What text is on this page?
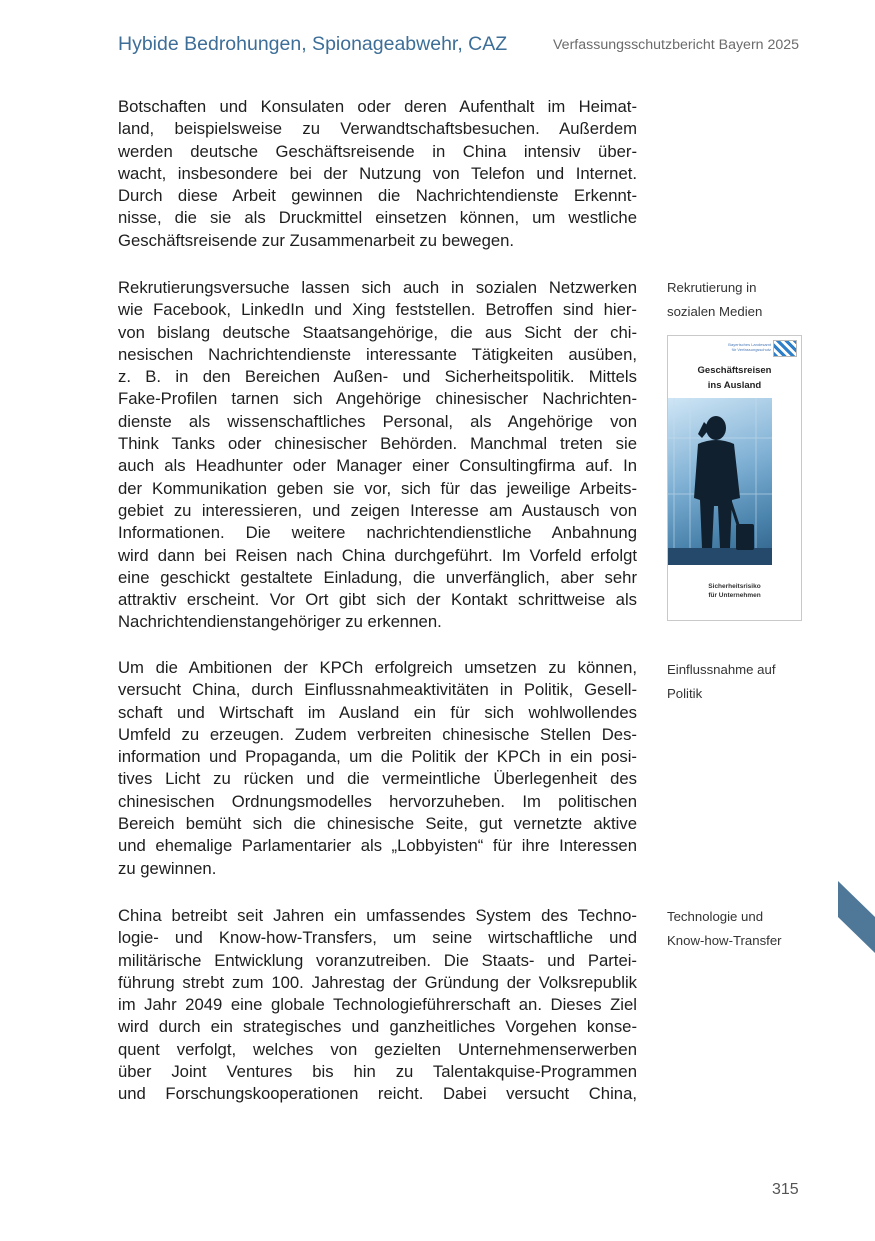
Hybide Bedrohungen, Spionageabwehr, CAZ	Verfassungsschutzbericht Bayern 2025
Botschaften und Konsulaten oder deren Aufenthalt im Heimat-
land, beispielsweise zu Verwandtschaftsbesuchen. Außerdem
werden deutsche Geschäftsreisende in China intensiv über-
wacht, insbesondere bei der Nutzung von Telefon und Internet.
Durch diese Arbeit gewinnen die Nachrichtendienste Erkennt-
nisse, die sie als Druckmittel einsetzen können, um westliche
Geschäftsreisende zur Zusammenarbeit zu bewegen.
Rekrutierungsversuche lassen sich auch in sozialen Netzwerken
wie Facebook, LinkedIn und Xing feststellen. Betroffen sind hier-
von bislang deutsche Staatsangehörige, die aus Sicht der chi-
nesischen Nachrichtendienste interessante Tätigkeiten ausüben,
z. B. in den Bereichen Außen- und Sicherheitspolitik. Mittels
Fake-Profilen tarnen sich Angehörige chinesischer Nachrichten-
dienste als wissenschaftliches Personal, als Angehörige von
Think Tanks oder chinesischer Behörden. Manchmal treten sie
auch als Headhunter oder Manager einer Consultingfirma auf. In
der Kommunikation geben sie vor, sich für das jeweilige Arbeits-
gebiet zu interessieren, und zeigen Interesse am Austausch von
Informationen. Die weitere nachrichtendienstliche Anbahnung
wird dann bei Reisen nach China durchgeführt. Im Vorfeld erfolgt
eine geschickt gestaltete Einladung, die unverfänglich, aber sehr
attraktiv erscheint. Vor Ort gibt sich der Kontakt schrittweise als
Nachrichtendienstangehöriger zu erkennen.
Um die Ambitionen der KPCh erfolgreich umsetzen zu können,
versucht China, durch Einflussnahmeaktivitäten in Politik, Gesell-
schaft und Wirtschaft im Ausland ein für sich wohlwollendes
Umfeld zu erzeugen. Zudem verbreiten chinesische Stellen Des-
information und Propaganda, um die Politik der KPCh in ein posi-
tives Licht zu rücken und die vermeintliche Überlegenheit des
chinesischen Ordnungsmodelles hervorzuheben. Im politischen
Bereich bemüht sich die chinesische Seite, gut vernetzte aktive
und ehemalige Parlamentarier als „Lobbyisten“ für ihre Interessen
zu gewinnen.
China betreibt seit Jahren ein umfassendes System des Techno-
logie- und Know-how-Transfers, um seine wirtschaftliche und
militärische Entwicklung voranzutreiben. Die Staats- und Partei-
führung strebt zum 100. Jahrestag der Gründung der Volksrepublik
im Jahr 2049 eine globale Technologieführerschaft an. Dieses Ziel
wird durch ein strategisches und ganzheitliches Vorgehen konse-
quent verfolgt, welches von gezielten Unternehmenserwerben
über Joint Ventures bis hin zu Talentakquise-Programmen
und Forschungskooperationen reicht. Dabei versucht China,
Rekrutierung in
sozialen Medien
Bayerisches Landesamt
für Verfassungsschutz
Geschäftsreisen
ins Ausland
Sicherheitsrisiko
für Unternehmen
Einflussnahme auf
Politik
Technologie und
Know-how-Transfer
315
